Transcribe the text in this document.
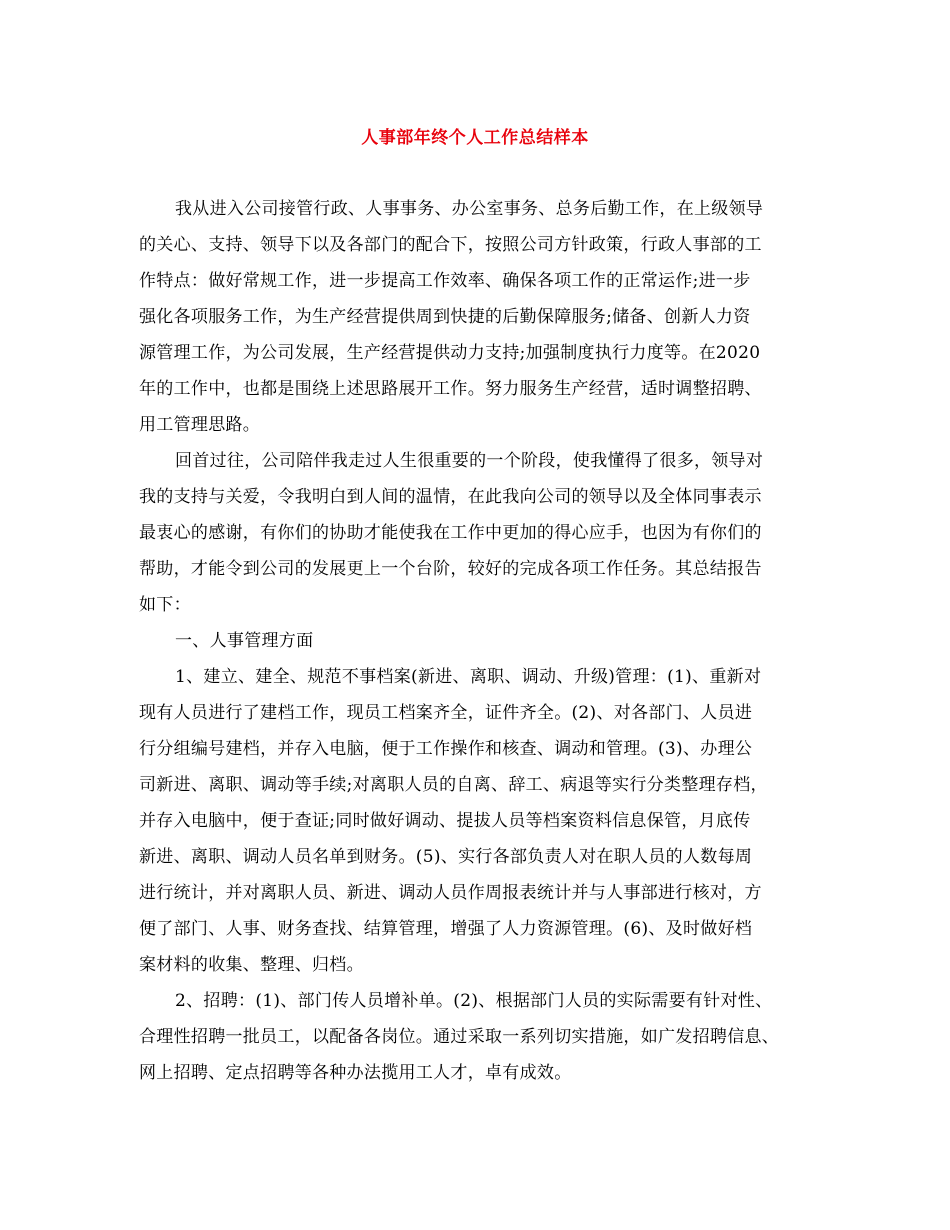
人事部年终个人工作总结样本
我从进入公司接管行政、人事事务、办公室事务、总务后勤工作，在上级领导
的关心、支持、领导下以及各部门的配合下，按照公司方针政策，行政人事部的工
作特点：做好常规工作，进一步提高工作效率、确保各项工作的正常运作;进一步
强化各项服务工作，为生产经营提供周到快捷的后勤保障服务;储备、创新人力资
源管理工作，为公司发展，生产经营提供动力支持;加强制度执行力度等。在2020
年的工作中，也都是围绕上述思路展开工作。努力服务生产经营，适时调整招聘、
用工管理思路。
回首过往，公司陪伴我走过人生很重要的一个阶段，使我懂得了很多，领导对
我的支持与关爱，令我明白到人间的温情，在此我向公司的领导以及全体同事表示
最衷心的感谢，有你们的协助才能使我在工作中更加的得心应手，也因为有你们的
帮助，才能令到公司的发展更上一个台阶，较好的完成各项工作任务。其总结报告
如下：
一、人事管理方面
1、建立、建全、规范不事档案(新进、离职、调动、升级)管理：(1)、重新对
现有人员进行了建档工作，现员工档案齐全，证件齐全。(2)、对各部门、人员进
行分组编号建档，并存入电脑，便于工作操作和核查、调动和管理。(3)、办理公
司新进、离职、调动等手续;对离职人员的自离、辞工、病退等实行分类整理存档，
并存入电脑中，便于查证;同时做好调动、提拔人员等档案资料信息保管，月底传
新进、离职、调动人员名单到财务。(5)、实行各部负责人对在职人员的人数每周
进行统计，并对离职人员、新进、调动人员作周报表统计并与人事部进行核对，方
便了部门、人事、财务查找、结算管理，增强了人力资源管理。(6)、及时做好档
案材料的收集、整理、归档。
2、招聘：(1)、部门传人员增补单。(2)、根据部门人员的实际需要有针对性、
合理性招聘一批员工，以配备各岗位。通过采取一系列切实措施，如广发招聘信息、
网上招聘、定点招聘等各种办法揽用工人才，卓有成效。
